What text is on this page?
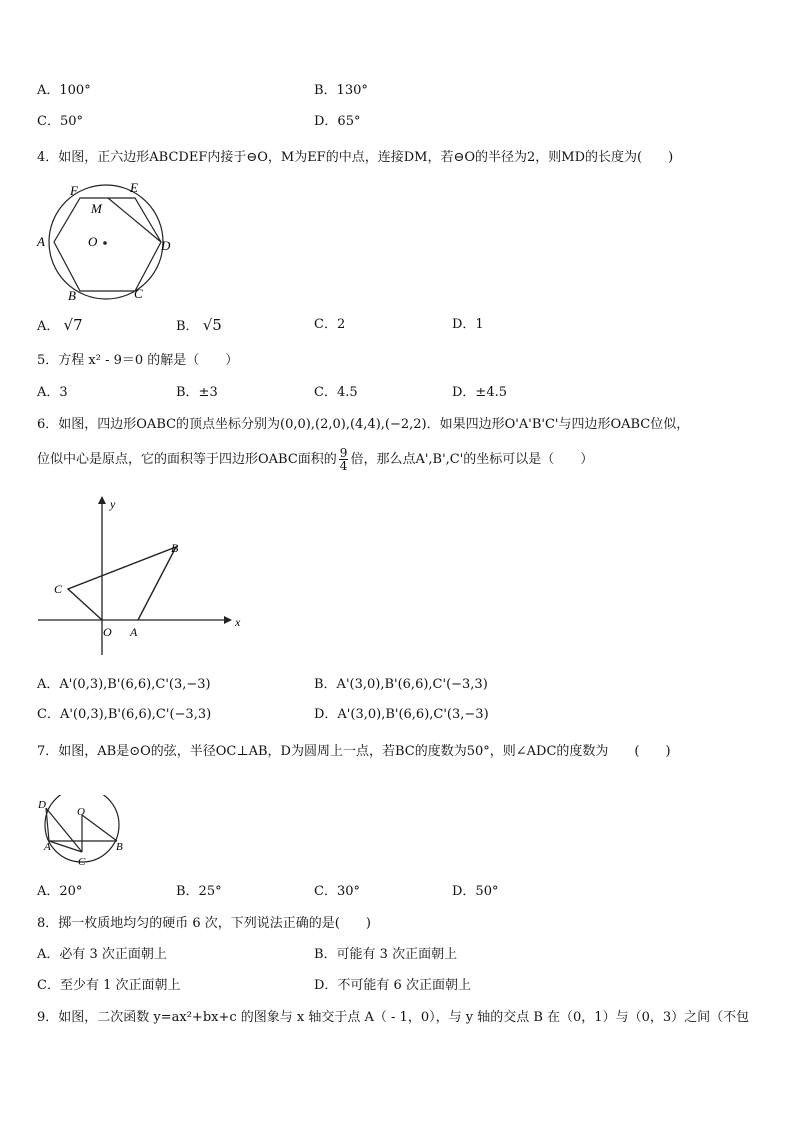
A．100°	B．130°
C．50°	D．65°
4．如图，正六边形ABCDEF内接于⊖O，M为EF的中点，连接DM，若⊖O的半径为2，则MD的长度为(　　)
F	E
M
A	O	D
B	C
A． √7	B． √5	C．2	D．1
5．方程 x² - 9＝0 的解是（　　）
A．3	B．±3	C．4.5	D．±4.5
6．如图，四边形OABC的顶点坐标分别为(0,0),(2,0),(4,4),(−2,2)．如果四边形O'A'B'C'与四边形OABC位似，
位似中心是原点，它的面积等于四边形OABC面积的 $\frac{9}{4}$ 倍，那么点A',B',C'的坐标可以是（　　）
y
x
O A
B
C
A．A'(0,3),B'(6,6),C'(3,−3)	B．A'(3,0),B'(6,6),C'(−3,3)
C．A'(0,3),B'(6,6),C'(−3,3)	D．A'(3,0),B'(6,6),C'(3,−3)
7．如图，AB是⊙O的弦，半径OC⊥AB，D为圆周上一点，若BC的度数为50°，则∠ADC的度数为　　(　　)
D
O
A	B
C
A．20°	B．25°	C．30°	D．50°
8．掷一枚质地均匀的硬币 6 次，下列说法正确的是(　　)
A．必有 3 次正面朝上	B．可能有 3 次正面朝上
C．至少有 1 次正面朝上	D．不可能有 6 次正面朝上
9．如图，二次函数 y=ax²+bx+c 的图象与 x 轴交于点 A（ - 1，0），与 y 轴的交点 B 在（0，1）与（0，3）之间（不包
